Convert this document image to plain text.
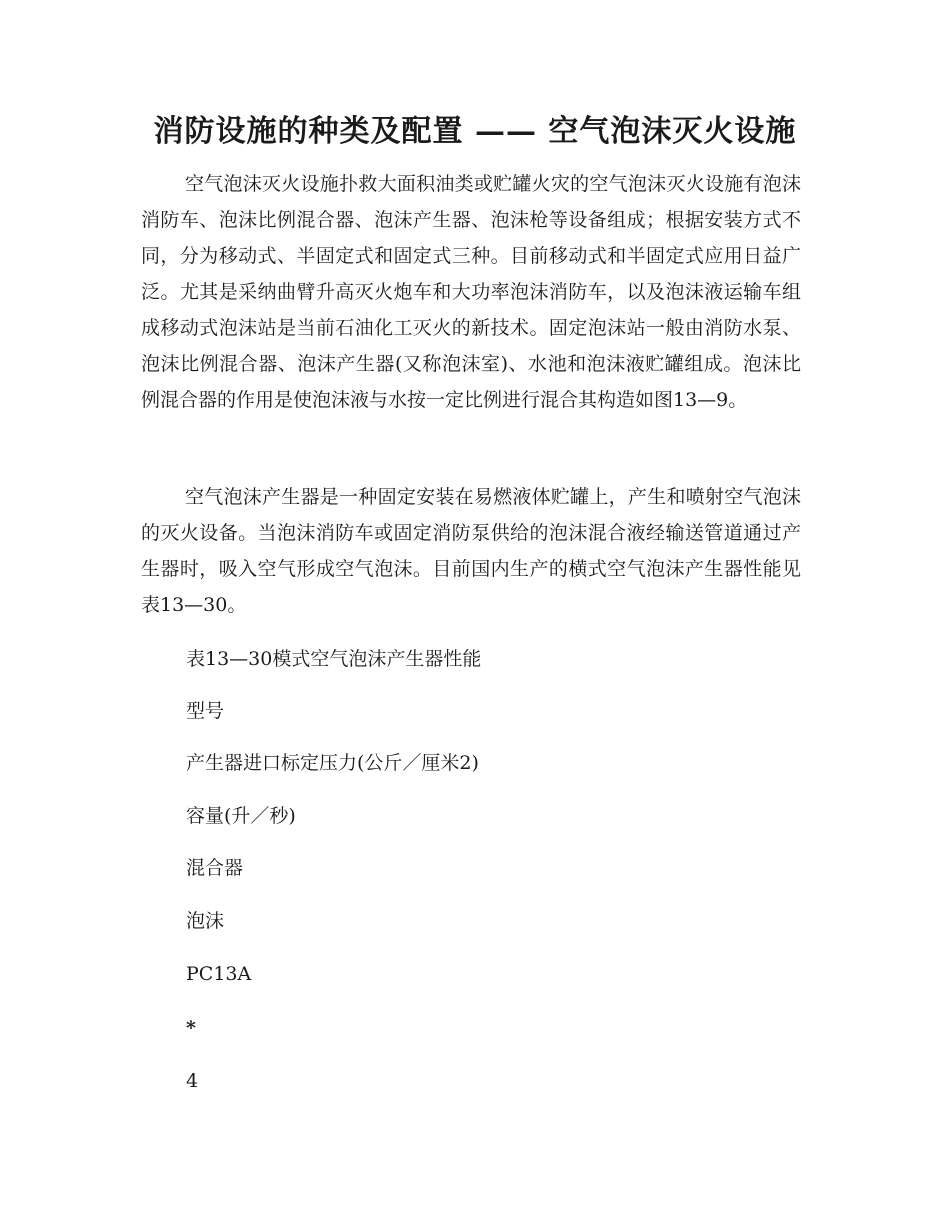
消防设施的种类及配置 —— 空气泡沫灭火设施

空气泡沫灭火设施扑救大面积油类或贮罐火灾的空气泡沫灭火设施有泡沫消防车、泡沫比例混合器、泡沫产生器、泡沫枪等设备组成；根据安装方式不同，分为移动式、半固定式和固定式三种。目前移动式和半固定式应用日益广泛。尤其是采纳曲臂升高灭火炮车和大功率泡沫消防车，以及泡沫液运输车组成移动式泡沫站是当前石油化工灭火的新技术。固定泡沫站一般由消防水泵、泡沫比例混合器、泡沫产生器(又称泡沫室)、水池和泡沫液贮罐组成。泡沫比例混合器的作用是使泡沫液与水按一定比例进行混合其构造如图13—9。

空气泡沫产生器是一种固定安装在易燃液体贮罐上，产生和喷射空气泡沫的灭火设备。当泡沫消防车或固定消防泵供给的泡沫混合液经输送管道通过产生器时，吸入空气形成空气泡沫。目前国内生产的横式空气泡沫产生器性能见表13—30。

表13—30模式空气泡沫产生器性能

型号

产生器进口标定压力(公斤／厘米2)

容量(升／秒)

混合器

泡沫

PC13A

*

4
